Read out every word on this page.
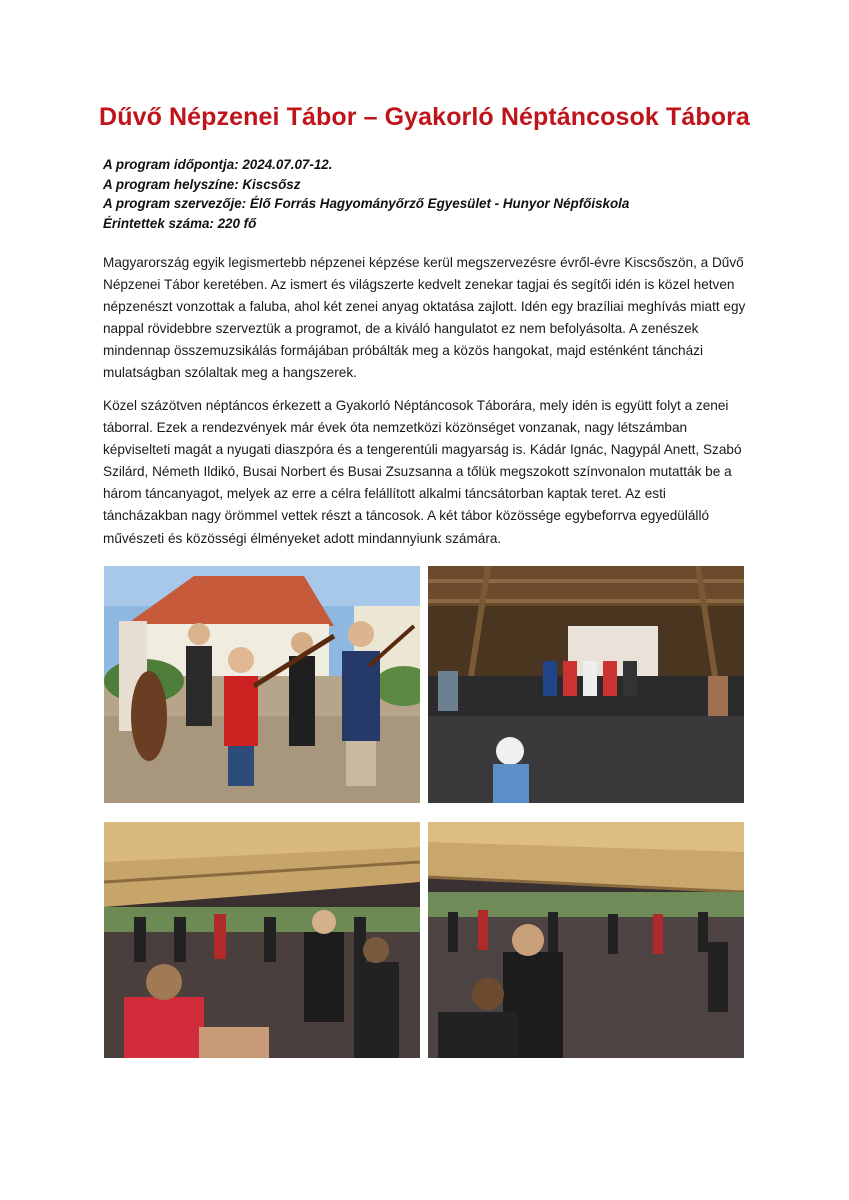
Dűvő Népzenei Tábor – Gyakorló Néptáncosok Tábora
A program időpontja: 2024.07.07-12.
A program helyszíne: Kiscsősz
A program szervezője: Élő Forrás Hagyományőrző Egyesület - Hunyor Népfőiskola
Érintettek száma: 220 fő

Magyarország egyik legismertebb népzenei képzése kerül megszervezésre évről-évre Kiscsőszön, a Dűvő Népzenei Tábor keretében. Az ismert és világszerte kedvelt zenekar tagjai és segítői idén is közel hetven népzenészt vonzottak a faluba, ahol két zenei anyag oktatása zajlott. Idén egy brazíliai meghívás miatt egy nappal rövidebbre szerveztük a programot, de a kiváló hangulatot ez nem befolyásolta. A zenészek mindennap összemuzsikálás formájában próbálták meg a közös hangokat, majd esténként táncházi mulatságban szólaltak meg a hangszerek.

Közel százötven néptáncos érkezett a Gyakorló Néptáncosok Táborára, mely idén is együtt folyt a zenei táborral. Ezek a rendezvények már évek óta nemzetközi közönséget vonzanak, nagy létszámban képviselteti magát a nyugati diaszpóra és a tengerentúli magyarság is. Kádár Ignác, Nagypál Anett, Szabó Szilárd, Németh Ildikó, Busai Norbert és Busai Zsuzsanna a tőlük megszokott színvonalon mutatták be a három táncanyagot, melyek az erre a célra felállított alkalmi táncsátorban kaptak teret. Az esti táncházakban nagy örömmel vettek részt a táncosok. A két tábor közössége egybeforrva egyedülálló művészeti és közösségi élményeket adott mindannyiunk számára.
